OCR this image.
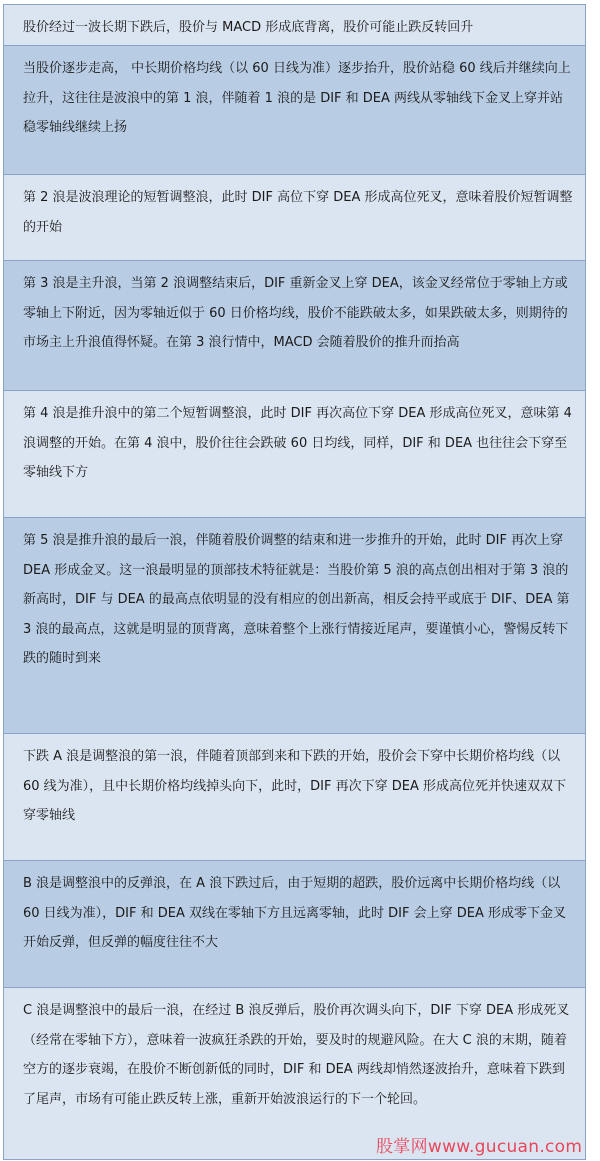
股价经过一波长期下跌后，股价与 MACD 形成底背离，股价可能止跌反转回升
当股价逐步走高， 中长期价格均线（以 60 日线为准）逐步抬升，股价站稳 60 线后并继续向上拉升，这往往是波浪中的第 1 浪，伴随着 1 浪的是 DIF 和 DEA 两线从零轴线下金叉上穿并站稳零轴线继续上扬
第 2 浪是波浪理论的短暂调整浪，此时 DIF 高位下穿 DEA 形成高位死叉，意味着股价短暂调整的开始
第 3 浪是主升浪，当第 2 浪调整结束后，DIF 重新金叉上穿 DEA，该金叉经常位于零轴上方或零轴上下附近，因为零轴近似于 60 日价格均线，股价不能跌破太多，如果跌破太多，则期待的市场主上升浪值得怀疑。在第 3 浪行情中，MACD 会随着股价的推升而抬高
第 4 浪是推升浪中的第二个短暂调整浪，此时 DIF 再次高位下穿 DEA 形成高位死叉，意味第 4 浪调整的开始。在第 4 浪中，股价往往会跌破 60 日均线，同样，DIF 和 DEA 也往往会下穿至零轴线下方
第 5 浪是推升浪的最后一浪，伴随着股价调整的结束和进一步推升的开始，此时 DIF 再次上穿 DEA 形成金叉。这一浪最明显的顶部技术特征就是：当股价第 5 浪的高点创出相对于第 3 浪的新高时，DIF 与 DEA 的最高点依明显的没有相应的创出新高，相反会持平或底于 DIF、DEA 第 3 浪的最高点，这就是明显的顶背离，意味着整个上涨行情接近尾声，要谨慎小心，警惕反转下跌的随时到来
下跌 A 浪是调整浪的第一浪，伴随着顶部到来和下跌的开始，股价会下穿中长期价格均线（以 60 线为准），且中长期价格均线掉头向下，此时，DIF 再次下穿 DEA 形成高位死并快速双双下穿零轴线
B 浪是调整浪中的反弹浪，在 A 浪下跌过后，由于短期的超跌，股价远离中长期价格均线（以 60 日线为准），DIF 和 DEA 双线在零轴下方且远离零轴，此时 DIF 会上穿 DEA 形成零下金叉开始反弹，但反弹的幅度往往不大
C 浪是调整浪中的最后一浪，在经过 B 浪反弹后，股价再次调头向下，DIF 下穿 DEA 形成死叉（经常在零轴下方），意味着一波疯狂杀跌的开始，要及时的规避风险。在大 C 浪的末期，随着空方的逐步衰竭，在股价不断创新低的同时，DIF 和 DEA 两线却悄然逐波抬升，意味着下跌到了尾声，市场有可能止跌反转上涨，重新开始波浪运行的下一个轮回。
股掌网www.gucuan.com
